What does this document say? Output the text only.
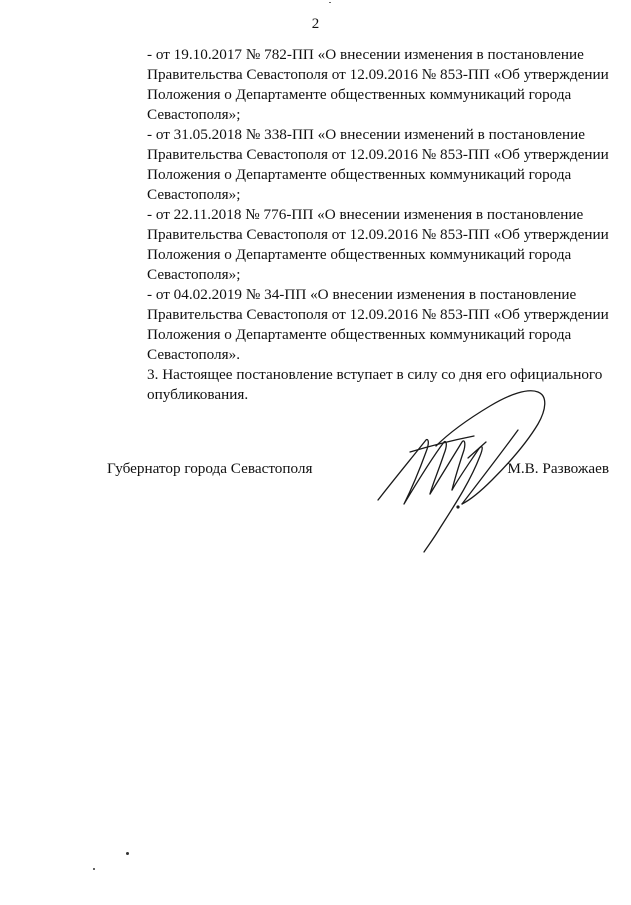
2

- от 19.10.2017 № 782-ПП «О внесении изменения в постановление
Правительства Севастополя от 12.09.2016 № 853-ПП «Об утверждении
Положения о Департаменте общественных коммуникаций города
Севастополя»;

- от 31.05.2018 № 338-ПП «О внесении изменений в постановление
Правительства Севастополя от 12.09.2016 № 853-ПП «Об утверждении
Положения о Департаменте общественных коммуникаций города
Севастополя»;

- от 22.11.2018 № 776-ПП «О внесении изменения в постановление
Правительства Севастополя от 12.09.2016 № 853-ПП «Об утверждении
Положения о Департаменте общественных коммуникаций города
Севастополя»;

- от 04.02.2019 № 34-ПП «О внесении изменения в постановление
Правительства Севастополя от 12.09.2016 № 853-ПП «Об утверждении
Положения о Департаменте общественных коммуникаций города
Севастополя».

3. Настоящее постановление вступает в силу со дня его официального
опубликования.

Губернатор города Севастополя	М.В. Развожаев
